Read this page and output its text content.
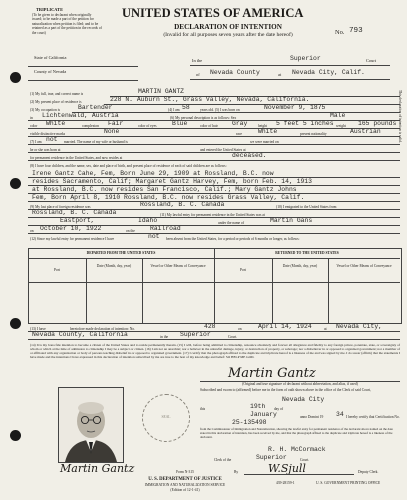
TRIPLICATE
(To be given to declarant when originally issued; to be made a part of the petition for naturalization when petition is filed; and to be retained as a part of the petition in the records of the court)
UNITED STATES OF AMERICA
DECLARATION OF INTENTION
(Invalid for all purposes seven years after the date hereof)	No. 793
This declaration of intention is valid.
State of California
County of Nevada
In the	Superior	Court
of Nevada County	at Nevada City, Calif.
(1) My full, true, and correct name is	MARTIN GANTZ
(2) My present place of residence is	228 N. Auburn St., Grass Valley, Nevada, California.
(3) My occupation is	Bartender	(4) I am 58	years old. (5) I was born on	November 9, 1875
in Lichtenwald, Austria	(6) My personal description is as follows: Sex	Male
color White	complexion Fair	color of eyes Blue	color of hair Gray	height 5 feet 5 inches weight 165 pounds
visible distinctive marks	None	race	White	present nationality	Austrian
(7) I am not married. The name of my wife or husband is	we were married on
he or she was born at	and entered the United States at
for permanent residence in the United States, and now resides at	deceased.
(8) I have four children, and the name, sex, date and place of birth, and present place of residence of each of said children are as follows:
Irene Gantz Cahe, Fem, Born June 29, 1909 at Rossland, B.C. now
resides Sacramento, Calif; Margaret Gantz Harvey, Fem, born Feb. 14, 1913
at Rossland, B.C. now resides San Francisco, Calif.; Mary Gantz Johns
Fem, Born April 8, 1910 Rossland, B.C. now resides Grass Valley, Calif.
(9) My last place of foreign residence was	Rossland, B. C. Canada	(10) I emigrated to the United States from
Rossland, B. C. Canada	(11) My lawful entry for permanent residence in the United States was at
Eastport,	Idaho	under the name of	Martin Gans
on October 10, 1922	on the Railroad
(12) Since my lawful entry for permanent residence I have	not been absent from the United States, for a period or periods of 6 months or longer, as follows:
DEPARTED FROM THE UNITED STATES	RETURNED TO THE UNITED STATES
Port
Date (Month, day, year)	Vessel or Other Means of Conveyance
Port
Date (Month, day, year)	Vessel or Other Means of Conveyance
(13) I have	heretofore made declaration of intention: No.	428	on	April 14, 1924	at Nevada City,
Nevada County, California	in the Superior	Court.
(14) It is my bona fide intention to become a citizen of the United States and to reside permanently therein. (15) I will, before being admitted to citizenship, renounce absolutely and forever all allegiance and fidelity to any foreign prince, potentate, state, or sovereignty of whom or which at the time of admission to citizenship I may be a subject or citizen. (16) I am not an anarchist; nor a believer in the unlawful damage, injury, or destruction of property, or sabotage; nor a disbeliever in or opposed to organized government; nor a member of or affiliated with any organization or body of persons teaching disbelief in or opposed to organized government. (17) I certify that the photograph affixed to the duplicate and triplicate hereof is a likeness of me and was signed by me. I do swear (affirm) that the statements I have made and the intentions I have expressed in this declaration of intention subscribed by me are true to the best of my knowledge and belief: SO HELP ME GOD.
Martin Gantz
(Original and true signature of declarant without abbreviation, and alias, if used)
Martin Gantz
SEAL
Subscribed and sworn to (affirmed) before me in the form of oath shown above in the office of the Clerk of said Court,
Nevada City
this	19th day of
January	anno Domini 19 34 I hereby certify that Certification No.
25-135498
from the Commissioner of Immigration and Naturalization, showing the lawful entry for permanent residence of the declarant above named on the date stated in this declaration of intention, has been received by me, and that the photograph affixed to the duplicate and triplicate hereof is a likeness of the declarant.
R. H. McCormack
Clerk of the	Superior	Court.
By	W.Sjull	Deputy Clerk.
Form N-315
U. S. DEPARTMENT OF JUSTICE
IMMIGRATION AND NATURALIZATION SERVICE
(Edition of 12-1-41)
439-28159-1	U. S. GOVERNMENT PRINTING OFFICE
